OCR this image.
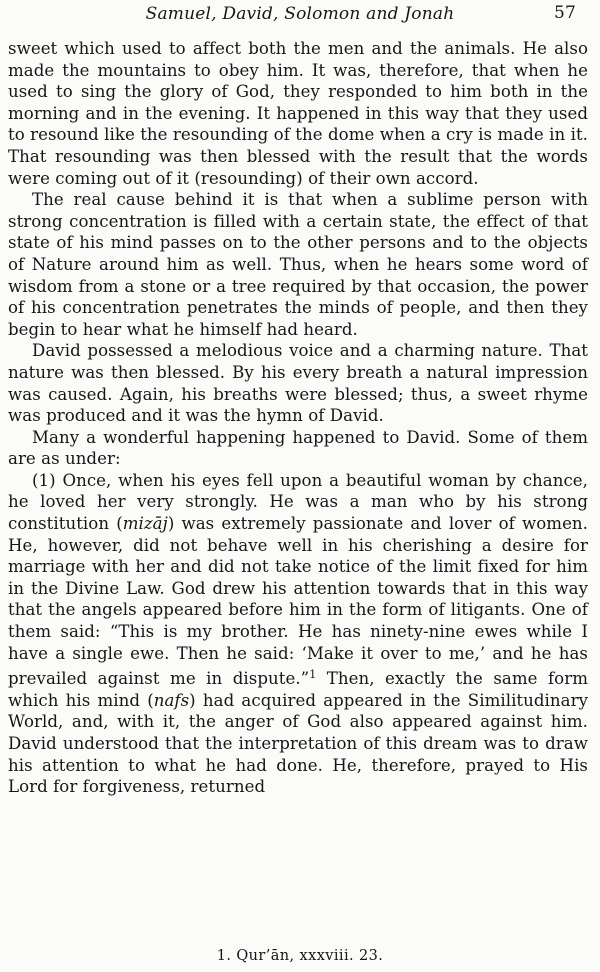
Samuel, David, Solomon and Jonah	57

sweet which used to affect both the men and the animals. He also made the mountains to obey him. It was, therefore, that when he used to sing the glory of God, they responded to him both in the morning and in the evening. It happened in this way that they used to resound like the resounding of the dome when a cry is made in it. That resounding was then blessed with the result that the words were coming out of it (resounding) of their own accord.

The real cause behind it is that when a sublime person with strong concentration is filled with a certain state, the effect of that state of his mind passes on to the other persons and to the objects of Nature around him as well. Thus, when he hears some word of wisdom from a stone or a tree required by that occasion, the power of his concentration penetrates the minds of people, and then they begin to hear what he himself had heard.

David possessed a melodious voice and a charming nature. That nature was then blessed. By his every breath a natural impression was caused. Again, his breaths were blessed; thus, a sweet rhyme was produced and it was the hymn of David.

Many a wonderful happening happened to David. Some of them are as under:

(1) Once, when his eyes fell upon a beautiful woman by chance, he loved her very strongly. He was a man who by his strong constitution (mizāj) was extremely passionate and lover of women. He, however, did not behave well in his cherishing a desire for marriage with her and did not take notice of the limit fixed for him in the Divine Law. God drew his attention towards that in this way that the angels appeared before him in the form of litigants. One of them said: “This is my brother. He has ninety-nine ewes while I have a single ewe. Then he said: ‘Make it over to me,’ and he has prevailed against me in dispute.”$^1$ Then, exactly the same form which his mind (nafs) had acquired appeared in the Similitudinary World, and, with it, the anger of God also appeared against him. David understood that the interpretation of this dream was to draw his attention to what he had done. He, therefore, prayed to His Lord for forgiveness, returned

1. Qur’ān, xxxviii. 23.
